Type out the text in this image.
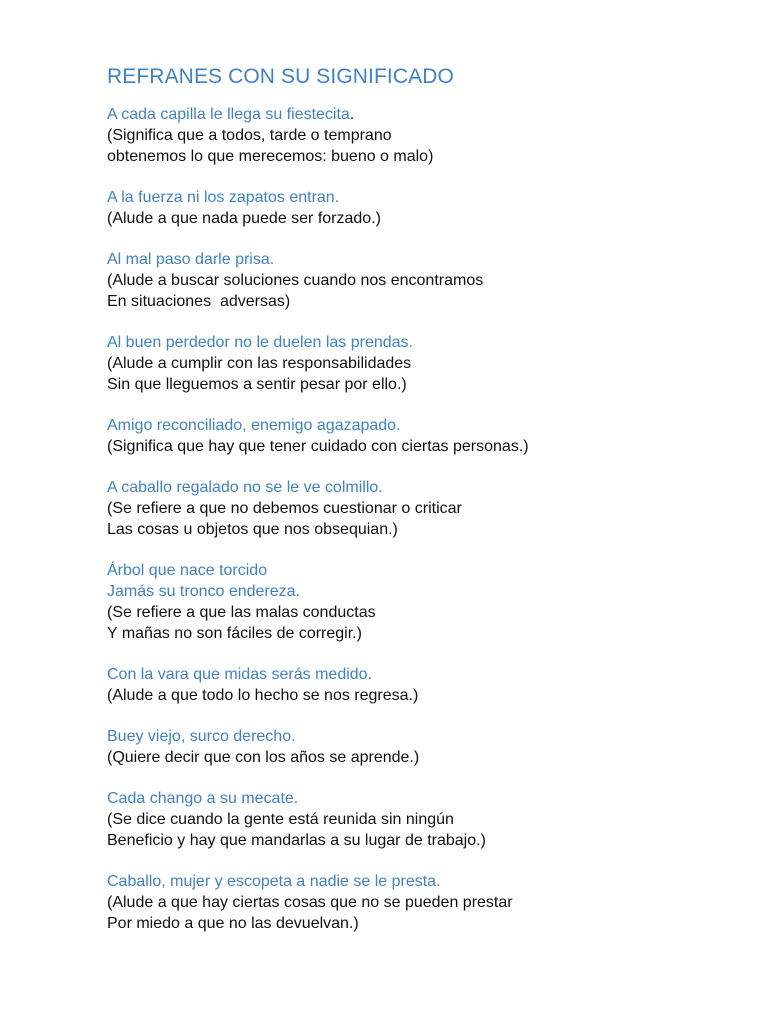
REFRANES CON SU SIGNIFICADO
A cada capilla le llega su fiestecita.
(Significa que a todos, tarde o temprano
obtenemos lo que merecemos: bueno o malo)
A la fuerza ni los zapatos entran.
(Alude a que nada puede ser forzado.)
Al mal paso darle prisa.
(Alude a buscar soluciones cuando nos encontramos
En situaciones  adversas)
Al buen perdedor no le duelen las prendas.
(Alude a cumplir con las responsabilidades
Sin que lleguemos a sentir pesar por ello.)
Amigo reconciliado, enemigo agazapado.
(Significa que hay que tener cuidado con ciertas personas.)
A caballo regalado no se le ve colmillo.
(Se refiere a que no debemos cuestionar o criticar
Las cosas u objetos que nos obsequian.)
Árbol que nace torcido
Jamás su tronco endereza.
(Se refiere a que las malas conductas
Y mañas no son fáciles de corregir.)
Con la vara que midas serás medido.
(Alude a que todo lo hecho se nos regresa.)
Buey viejo, surco derecho.
(Quiere decir que con los años se aprende.)
Cada chango a su mecate.
(Se dice cuando la gente está reunida sin ningún
Beneficio y hay que mandarlas a su lugar de trabajo.)
Caballo, mujer y escopeta a nadie se le presta.
(Alude a que hay ciertas cosas que no se pueden prestar
Por miedo a que no las devuelvan.)
